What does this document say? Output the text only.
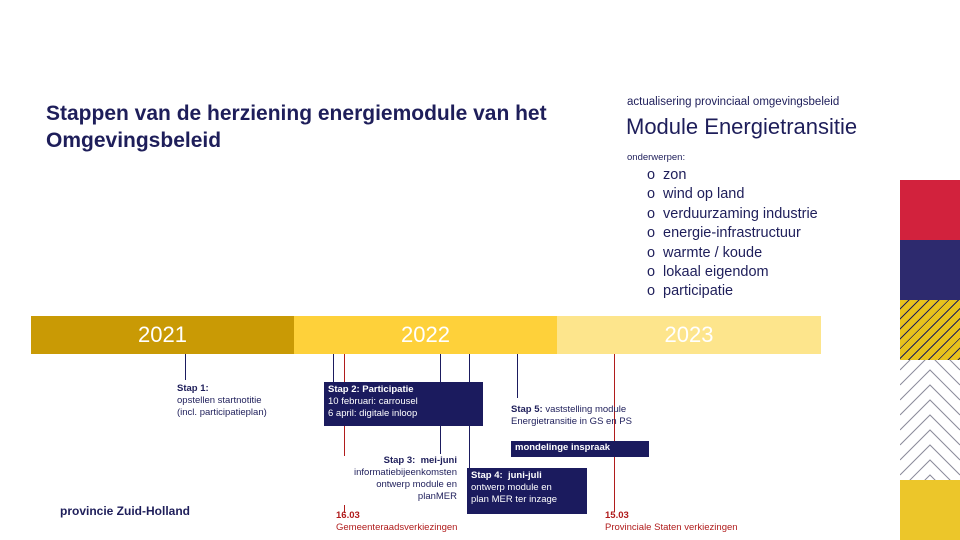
Stappen van de herziening energiemodule van het Omgevingsbeleid
actualisering provinciaal omgevingsbeleid
Module Energietransitie
onderwerpen:
o zon
o wind op land
o verduurzaming industrie
o energie-infrastructuur
o warmte / koude
o lokaal eigendom
o participatie
2021	2022	2023
Stap 1:
opstellen startnotitie
(incl. participatieplan)
Stap 2: Participatie
10 februari: carrousel
6 april: digitale inloop
Stap 3: mei-juni
informatiebijeenkomsten
ontwerp module en
planMER
Stap 4: juni-juli
ontwerp module en
plan MER ter inzage
Stap 5: vaststelling module
Energietransitie in GS en PS
mondelinge inspraak
16.03
Gemeenteraadsverkiezingen
15.03
Provinciale Staten verkiezingen
provincie Zuid-Holland
